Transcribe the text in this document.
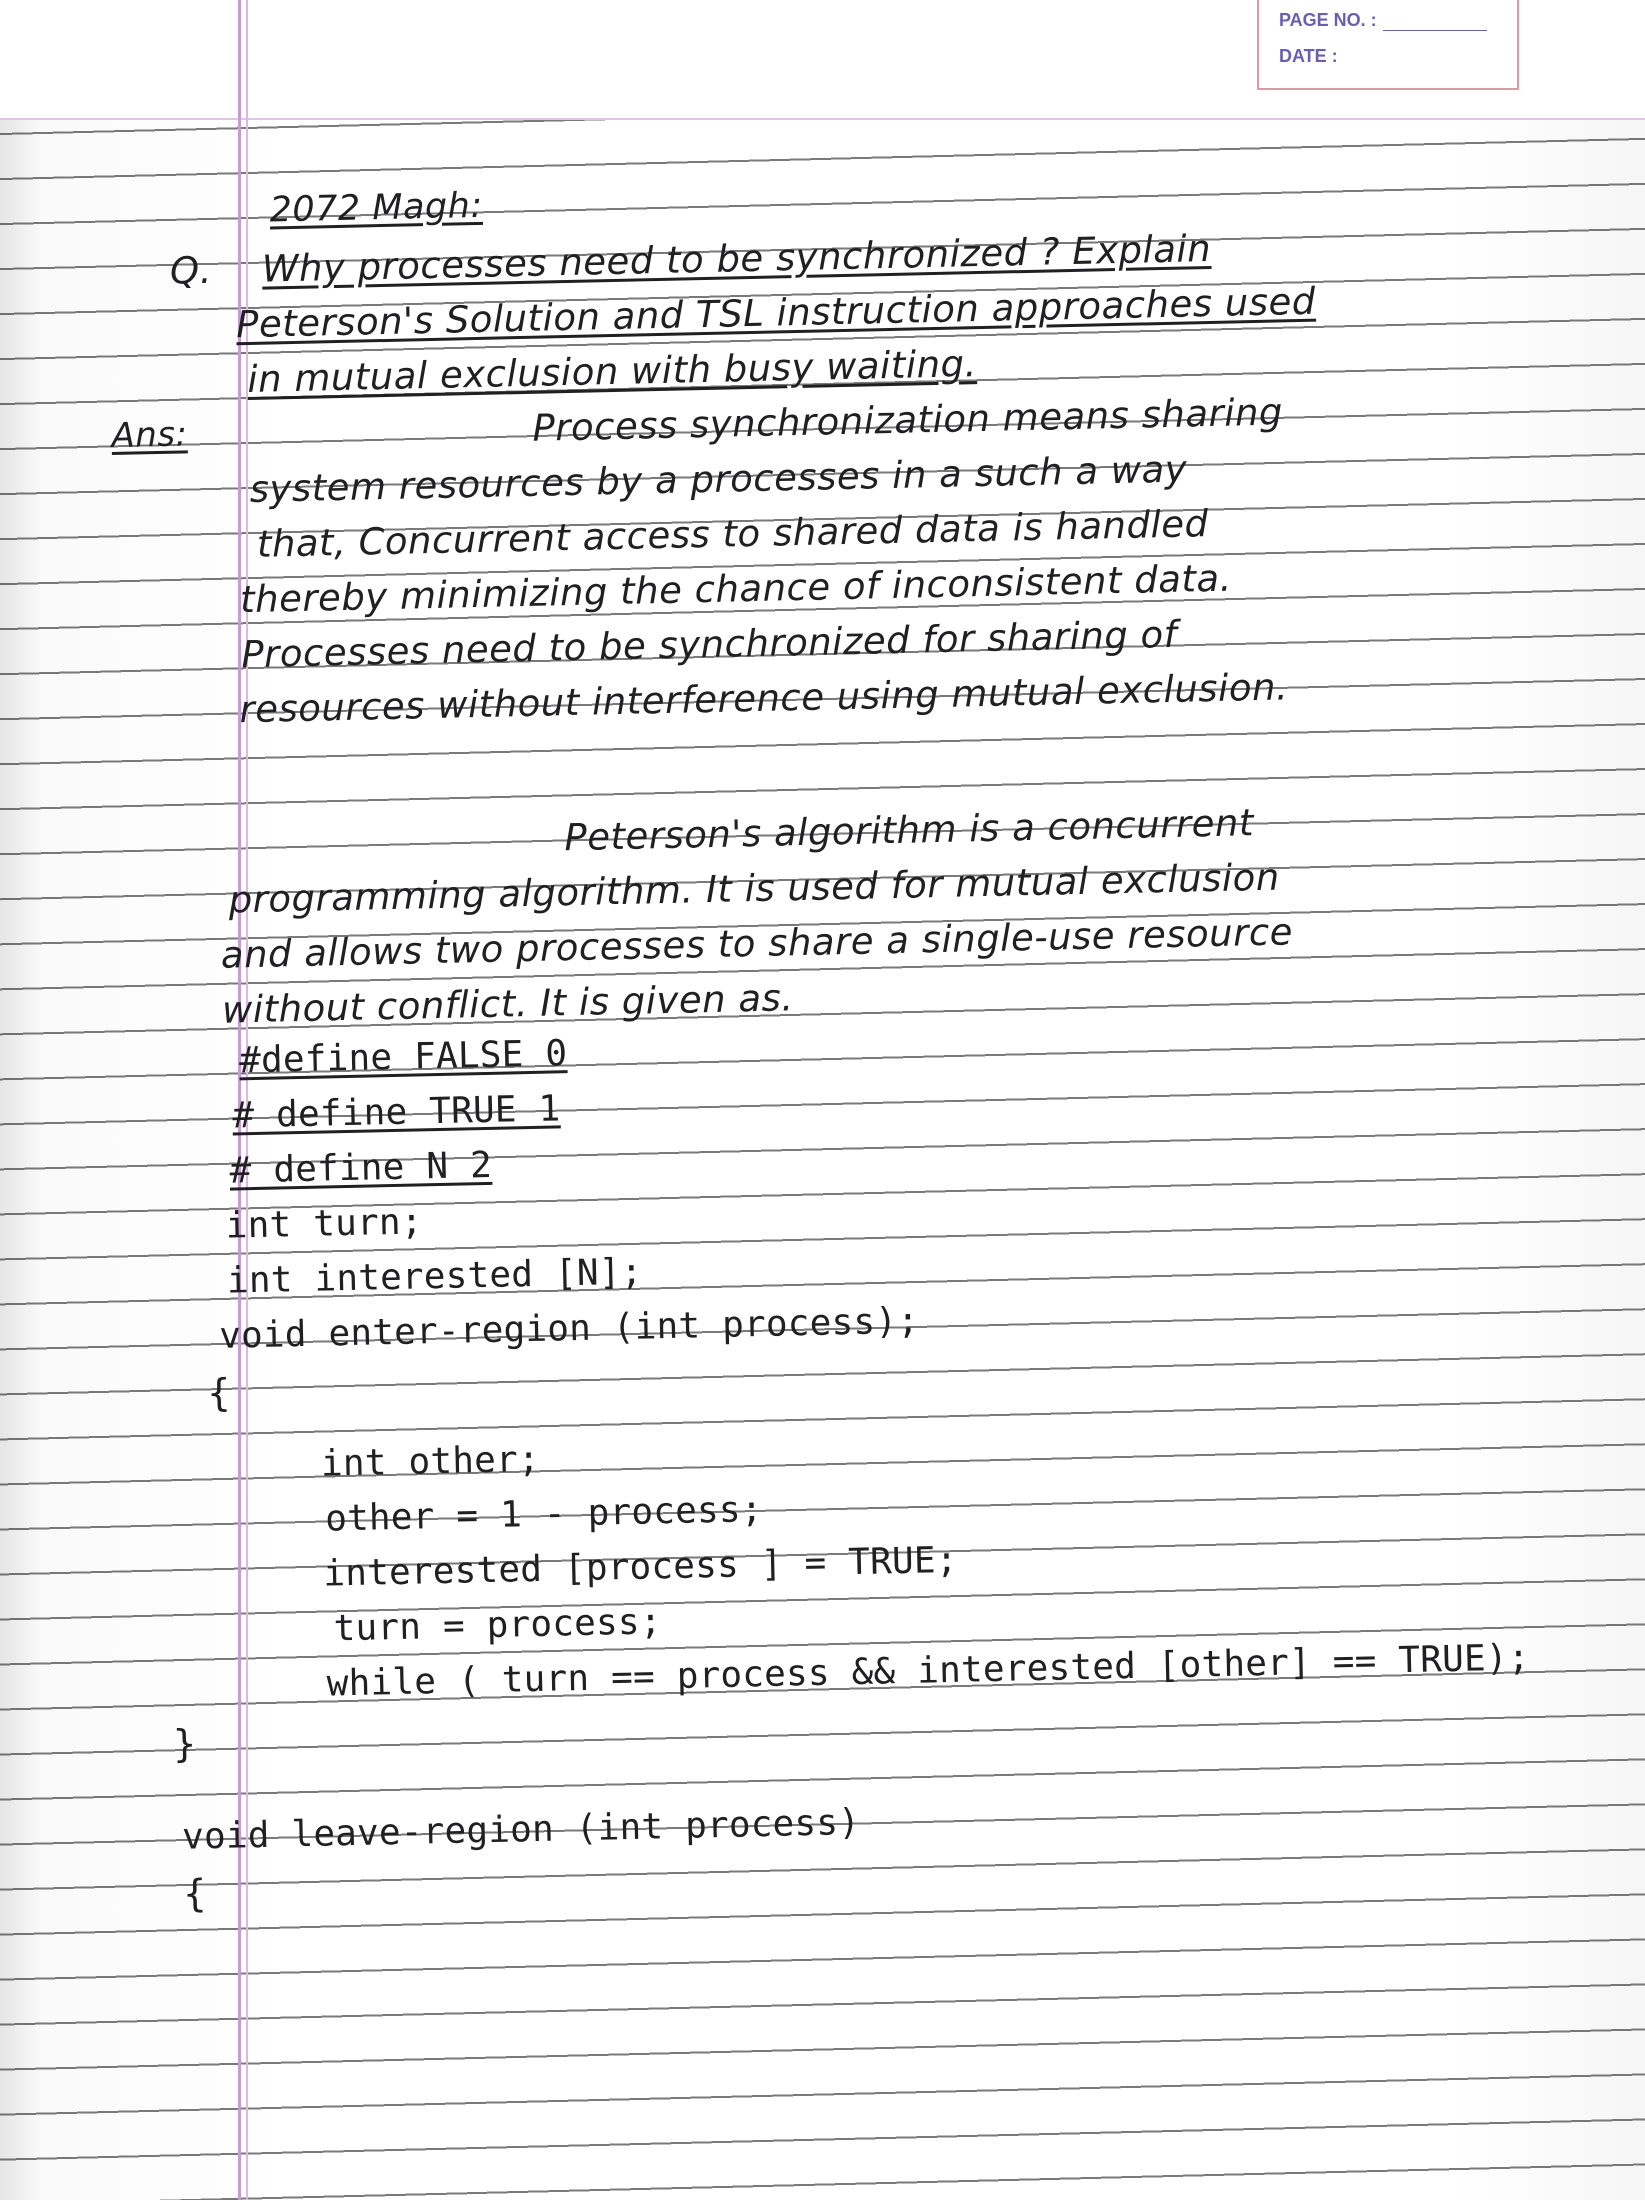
PAGE NO. :
DATE :

2072 Magh:

Q. Why processes need to be synchronized ? Explain

Peterson's Solution and TSL instruction approaches used

in mutual exclusion with busy waiting.

Ans:	Process synchronization means sharing

system resources by a processes in a such a way

that, Concurrent access to shared data is handled

thereby minimizing the chance of inconsistent data.

Processes need to be synchronized for sharing of

resources without interference using mutual exclusion.

Peterson's algorithm is a concurrent

programming algorithm. It is used for mutual exclusion

and allows two processes to share a single-use resource

without conflict. It is given as.

#define FALSE 0

# define TRUE 1

# define N 2

int turn;

int interested [N];

void enter-region (int process);

{

int other;

other = 1 - process;

interested [process ] = TRUE;

turn = process;

while ( turn == process && interested [other] == TRUE);

}

void leave-region (int process)

{
